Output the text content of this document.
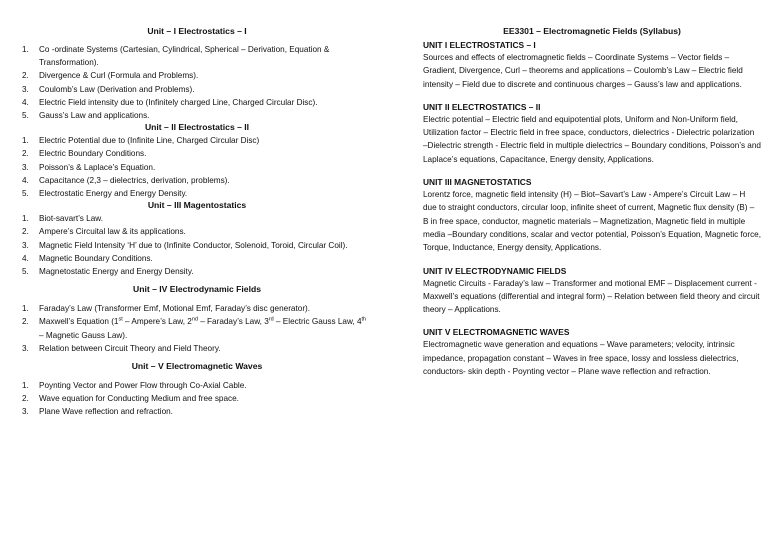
Unit – I Electrostatics – I
1. Co -ordinate Systems (Cartesian, Cylindrical, Spherical – Derivation, Equation & Transformation).
2. Divergence & Curl (Formula and Problems).
3. Coulomb’s Law (Derivation and Problems).
4. Electric Field intensity due to (Infinitely charged Line, Charged Circular Disc).
5. Gauss’s Law and applications.
Unit – II Electrostatics – II
1. Electric Potential due to (Infinite Line, Charged Circular Disc)
2. Electric Boundary Conditions.
3. Poisson’s & Laplace’s Equation.
4. Capacitance (2,3 – dielectrics, derivation, problems).
5. Electrostatic Energy and Energy Density.
Unit – III Magentostatics
1. Biot-savart’s Law.
2. Ampere’s Circuital law & its applications.
3. Magnetic Field Intensity ‘H’ due to (Infinite Conductor, Solenoid, Toroid, Circular Coil).
4. Magnetic Boundary Conditions.
5. Magnetostatic Energy and Energy Density.
Unit – IV Electrodynamic Fields
1. Faraday’s Law (Transformer Emf, Motional Emf, Faraday’s disc generator).
2. Maxwell’s Equation (1st – Ampere’s Law, 2nd – Faraday’s Law, 3rd – Electric Gauss Law, 4th – Magnetic Gauss Law).
3. Relation between Circuit Theory and Field Theory.
Unit – V Electromagnetic Waves
1. Poynting Vector and Power Flow through Co-Axial Cable.
2. Wave equation for Conducting Medium and free space.
3. Plane Wave reflection and refraction.
EE3301 – Electromagnetic Fields (Syllabus)
UNIT I ELECTROSTATICS – I
Sources and effects of electromagnetic fields – Coordinate Systems – Vector fields –Gradient, Divergence, Curl – theorems and applications – Coulomb’s Law – Electric field intensity – Field due to discrete and continuous charges – Gauss’s law and applications.
UNIT II ELECTROSTATICS – II
Electric potential – Electric field and equipotential plots, Uniform and Non-Uniform field, Utilization factor – Electric field in free space, conductors, dielectrics - Dielectric polarization –Dielectric strength - Electric field in multiple dielectrics – Boundary conditions, Poisson’s and Laplace’s equations, Capacitance, Energy density, Applications.
UNIT III MAGNETOSTATICS
Lorentz force, magnetic field intensity (H) – Biot–Savart’s Law - Ampere’s Circuit Law – H due to straight conductors, circular loop, infinite sheet of current, Magnetic flux density (B) – B in free space, conductor, magnetic materials – Magnetization, Magnetic field in multiple media –Boundary conditions, scalar and vector potential, Poisson’s Equation, Magnetic force, Torque, Inductance, Energy density, Applications.
UNIT IV ELECTRODYNAMIC FIELDS
Magnetic Circuits - Faraday’s law – Transformer and motional EMF – Displacement current -Maxwell’s equations (differential and integral form) – Relation between field theory and circuit theory – Applications.
UNIT V ELECTROMAGNETIC WAVES
Electromagnetic wave generation and equations – Wave parameters; velocity, intrinsic impedance, propagation constant – Waves in free space, lossy and lossless dielectrics, conductors- skin depth - Poynting vector – Plane wave reflection and refraction.
